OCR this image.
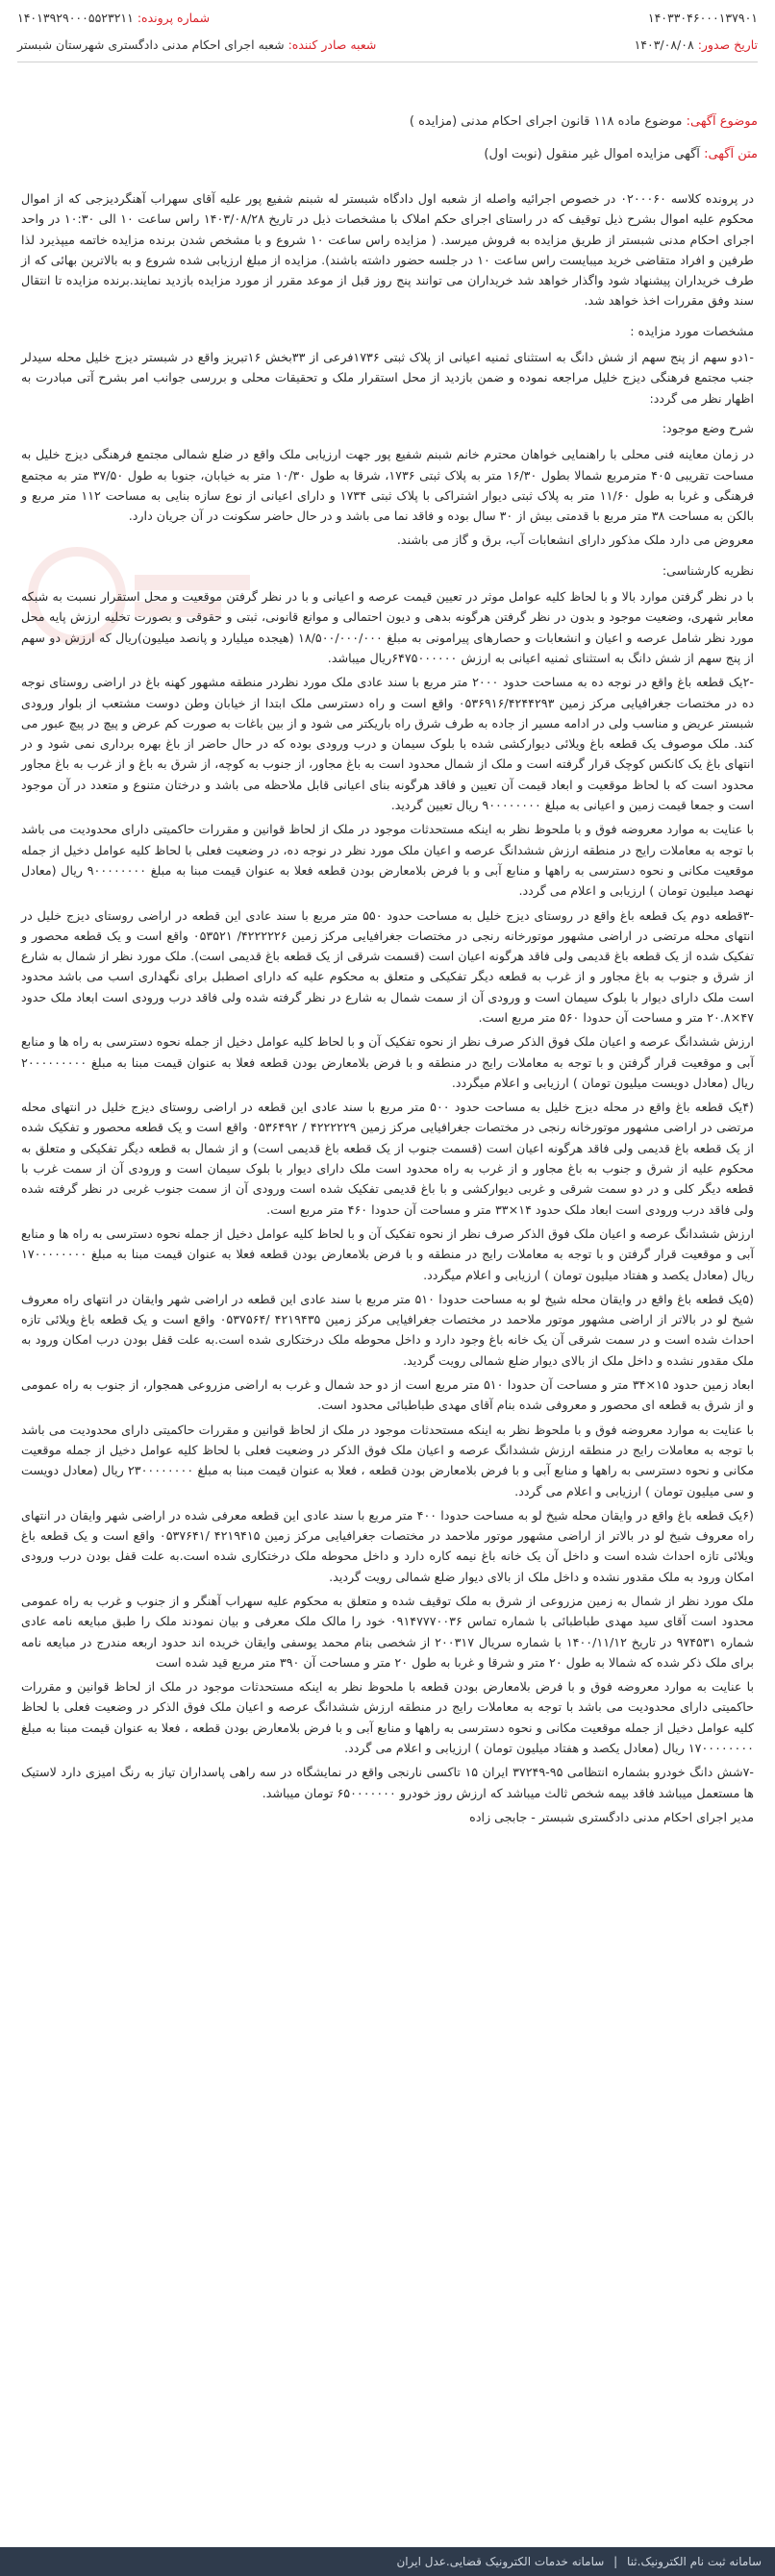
۱۴۰۳۳۰۴۶۰۰۰۱۳۷۹۰۱
شماره پرونده: ۱۴۰۱۳۹۲۹۰۰۰۵۵۲۳۲۱۱
تاریخ صدور: ۱۴۰۳/۰۸/۰۸
شعبه صادر کننده: شعبه اجرای احکام مدنی دادگستری شهرستان شبستر
موضوع آگهی: موضوع ماده ۱۱۸ قانون اجرای احکام مدنی (مزایده )
متن آگهی: آگهی مزایده اموال غیر منقول (نوبت اول)

در پرونده کلاسه ۰۲۰۰۰۶۰ در خصوص اجرائیه واصله از شعبه اول دادگاه شبستر له شبنم شفیع پور علیه آقای سهراب آهنگردیزجی که از اموال محکوم علیه اموال بشرح ذیل توقیف که در راستای اجرای حکم املاک با مشخصات ذیل در تاریخ ۱۴۰۳/۰۸/۲۸ راس ساعت ۱۰ الی ۱۰:۳۰ در واحد اجرای احکام مدنی شبستر از طریق مزایده به فروش میرسد. ( مزایده راس ساعت ۱۰ شروع و با مشخص شدن برنده مزایده خاتمه میپذیرد لذا طرفین و افراد متقاضی خرید میبایست راس ساعت ۱۰ در جلسه حضور داشته باشند). مزایده از مبلغ ارزیابی شده شروع و به بالاترین بهائی که از طرف خریداران پیشنهاد شود واگذار خواهد شد خریداران می توانند پنج روز قبل از موعد مقرر از مورد مزایده بازدید نمایند.برنده مزایده تا انتقال سند وفق مقررات اخذ خواهد شد.

مشخصات مورد مزایده :

-۱دو سهم از پنج سهم از شش دانگ به استثنای ثمنیه اعیانی از پلاک ثبتی ۱۷۳۶فرعی از ۳۳بخش ۱۶تبریز واقع در شبستر دیزج خلیل محله سیدلر جنب مجتمع فرهنگی دیزج خلیل مراجعه نموده و ضمن بازدید از محل استقرار ملک و تحقیقات محلی و بررسی جوانب امر بشرح آتی مبادرت به اظهار نظر می گردد:

شرح وضع موجود:

در زمان معاینه فنی محلی با راهنمایی خواهان محترم خانم شبنم شفیع پور جهت ارزیابی ملک واقع در ضلع شمالی مجتمع فرهنگی دیزج خلیل به مساحت تقریبی ۴۰۵ مترمربع شمالا بطول ۱۶/۳۰ متر به پلاک ثبتی ۱۷۳۶، شرقا به طول ۱۰/۳۰ متر به خیابان، جنوبا به طول ۳۷/۵۰ متر به مجتمع فرهنگی و غربا به طول ۱۱/۶۰ متر به پلاک ثبتی دیوار اشتراکی با پلاک ثبتی ۱۷۳۴ و دارای اعیانی از نوع سازه بنایی به مساحت ۱۱۲ متر مربع و بالکن به مساحت ۳۸ متر مربع با قدمتی بیش از ۳۰ سال بوده و فاقد نما می باشد و در حال حاضر سکونت در آن جریان دارد.

معروض می دارد ملک مذکور دارای انشعابات آب، برق و گاز می باشند.

نظریه کارشناسی:

با در نظر گرفتن موارد بالا و با لحاظ کلیه عوامل موثر در تعیین قیمت عرصه و اعیانی و با در نظر گرفتن موقعیت و محل استقرار نسبت به شبکه معابر شهری، وضعیت موجود و بدون در نظر گرفتن هرگونه بدهی و دیون احتمالی و موانع قانونی، ثبتی و حقوقی و بصورت تخلیه ارزش پایه محل مورد نظر شامل عرصه و اعیان و انشعابات و حصارهای پیرامونی به مبلغ ۱۸/۵۰۰/۰۰۰/۰۰۰ (هیجده میلیارد و پانصد میلیون)ریال که ارزش دو سهم از پنج سهم از شش دانگ به استثنای ثمنیه اعیانی به ارزش ۶۴۷۵۰۰۰۰۰۰ریال میباشد.

-۲یک قطعه باغ واقع در نوجه ده به مساحت حدود ۲۰۰۰ متر مربع با سند عادی ملک مورد نظردر منطقه مشهور کهنه باغ در اراضی روستای نوجه ده در مختصات جغرافیایی مرکز زمین ۰۵۳۶۹۱۶/۴۲۴۴۲۹۳ واقع است و راه دسترسی ملک ابتدا از خیابان وطن دوست مشتعب از بلوار ورودی شبستر عریض و مناسب ولی در ادامه مسیر از جاده به طرف شرق راه باریکتر می شود و از بین باغات به صورت کم عرض و پیچ در پیچ عبور می کند. ملک موصوف یک قطعه باغ ویلائی دیوارکشی شده با بلوک سیمان و درب ورودی بوده که در حال حاضر از باغ بهره برداری نمی شود و در انتهای باغ یک کانکس کوچک قرار گرفته است و ملک از شمال محدود است به باغ مجاور، از جنوب به کوچه، از شرق به باغ و از غرب به باغ مجاور محدود است که با لحاظ موقعیت و ابعاد قیمت آن تعیین و فاقد هرگونه بنای اعیانی قابل ملاحظه می باشد و درختان متنوع و متعدد در آن موجود است و جمعا قیمت زمین و اعیانی به مبلغ ۹۰۰۰۰۰۰۰۰ ریال تعیین گردید.

با عنایت به موارد معروضه فوق و با ملحوظ نظر به اینکه مستحدثات موجود در ملک از لحاظ قوانین و مقررات حاکمیتی دارای محدودیت می باشد با توجه به معاملات رایج در منطقه ارزش ششدانگ عرصه و اعیان ملک مورد نظر در نوجه ده، در وضعیت فعلی با لحاظ کلیه عوامل دخیل از جمله موقعیت مکانی و نحوه دسترسی به راهها و منابع آبی و با فرض بلامعارض بودن قطعه فعلا به عنوان قیمت مبنا به مبلغ ۹۰۰۰۰۰۰۰۰ ریال (معادل نهصد میلیون تومان ) ارزیابی و اعلام می گردد.

-۳قطعه دوم یک قطعه باغ واقع در روستای دیزج خلیل به مساحت حدود ۵۵۰ متر مربع با سند عادی این قطعه در اراضی روستای دیزج خلیل در انتهای محله مرتضی در اراضی مشهور موتورخانه رنجی در مختصات جغرافیایی مرکز زمین ۴۲۲۲۲۲۶/ ۰۵۳۵۲۱ واقع است و یک قطعه محصور و تفکیک شده از یک قطعه باغ قدیمی ولی فاقد هرگونه اعیان است (قسمت شرقی از یک قطعه باغ قدیمی است). ملک مورد نظر از شمال به شارع از شرق و جنوب به باغ مجاور و از غرب به قطعه دیگر تفکیکی و متعلق به محکوم علیه که دارای اصطبل برای نگهداری اسب می باشد محدود است ملک دارای دیوار با بلوک سیمان است و ورودی آن از سمت شمال به شارع در نظر گرفته شده ولی فاقد درب ورودی است ابعاد ملک حدود ۴۷×۲۰.۸ متر و مساحت آن حدودا ۵۶۰ متر مربع است.

ارزش ششدانگ عرصه و اعیان ملک فوق الذکر صرف نظر از نحوه تفکیک آن و با لحاظ کلیه عوامل دخیل از جمله نحوه دسترسی به راه ها و منابع آبی و موقعیت قرار گرفتن و با توجه به معاملات رایج در منطقه و با فرض بلامعارض بودن قطعه فعلا به عنوان قیمت مبنا به مبلغ ۲۰۰۰۰۰۰۰۰۰ ریال (معادل دویست میلیون تومان ) ارزیابی و اعلام میگردد.

(۴یک قطعه باغ واقع در محله دیزج خلیل به مساحت حدود ۵۰۰ متر مربع با سند عادی این قطعه در اراضی روستای دیزج خلیل در انتهای محله مرتضی در اراضی مشهور موتورخانه رنجی در مختصات جغرافیایی مرکز زمین ۴۲۲۲۲۲۹ / ۰۵۳۶۴۹۲ واقع است و یک قطعه محصور و تفکیک شده از یک قطعه باغ قدیمی ولی فاقد هرگونه اعیان است (قسمت جنوب از یک قطعه باغ قدیمی است) و از شمال به قطعه دیگر تفکیکی و متعلق به محکوم علیه از شرق و جنوب به باغ مجاور و از غرب به راه محدود است ملک دارای دیوار با بلوک سیمان است و ورودی آن از سمت غرب با قطعه دیگر کلی و در دو سمت شرقی و غربی دیوارکشی و با باغ قدیمی تفکیک شده است ورودی آن از سمت جنوب غربی در نظر گرفته شده ولی فاقد درب ورودی است ابعاد ملک حدود ۱۴×۳۳ متر و مساحت آن حدودا ۴۶۰ متر مربع است.

ارزش ششدانگ عرصه و اعیان ملک فوق الذکر صرف نظر از نحوه تفکیک آن و با لحاظ کلیه عوامل دخیل از جمله نحوه دسترسی به راه ها و منابع آبی و موقعیت قرار گرفتن و با توجه به معاملات رایج در منطقه و با فرض بلامعارض بودن قطعه فعلا به عنوان قیمت مبنا به مبلغ ۱۷۰۰۰۰۰۰۰۰ ریال (معادل یکصد و هفتاد میلیون تومان ) ارزیابی و اعلام میگردد.

(۵یک قطعه باغ واقع در وایقان محله شیخ لو به مساحت حدودا ۵۱۰ متر مربع با سند عادی این قطعه در اراضی شهر وایقان در انتهای راه معروف شیخ لو در بالاتر از اراضی مشهور موتور ملاحمد در مختصات جغرافیایی مرکز زمین ۴۲۱۹۴۳۵ /۰۵۳۷۵۶۴ واقع است و یک قطعه باغ ویلائی تازه احداث شده است و در سمت شرقی آن یک خانه باغ وجود دارد و داخل محوطه ملک درختکاری شده است.به علت قفل بودن درب امکان ورود به ملک مقدور نشده و داخل ملک از بالای دیوار ضلع شمالی رویت گردید.

ابعاد زمین حدود ۱۵×۳۴ متر و مساحت آن حدودا ۵۱۰ متر مربع است از دو حد شمال و غرب به اراضی مزروعی همجوار، از جنوب به راه عمومی و از شرق به قطعه ای محصور و معروفی شده بنام آقای مهدی طباطبائی محدود است.

با عنایت به موارد معروضه فوق و با ملحوظ نظر به اینکه مستحدثات موجود در ملک از لحاظ قوانین و مقررات حاکمیتی دارای محدودیت می باشد با توجه به معاملات رایج در منطقه ارزش ششدانگ عرصه و اعیان ملک فوق الذکر در وضعیت فعلی با لحاظ کلیه عوامل دخیل از جمله موقعیت مکانی و نحوه دسترسی به راهها و منابع آبی و با فرض بلامعارض بودن قطعه ، فعلا به عنوان قیمت مبنا به مبلغ ۲۳۰۰۰۰۰۰۰۰ ریال (معادل دویست و سی میلیون تومان ) ارزیابی و اعلام می گردد.

(۶یک قطعه باغ واقع در وایقان محله شیخ لو به مساحت حدودا ۴۰۰ متر مربع با سند عادی این قطعه معرفی شده در اراضی شهر وایقان در انتهای راه معروف شیخ لو در بالاتر از اراضی مشهور موتور ملاحمد در مختصات جغرافیایی مرکز زمین ۴۲۱۹۴۱۵ /۰۵۳۷۶۴۱ واقع است و یک قطعه باغ ویلائی تازه احداث شده است و داخل آن یک خانه باغ نیمه کاره دارد و داخل محوطه ملک درختکاری شده است.به علت قفل بودن درب ورودی امکان ورود به ملک مقدور نشده و داخل ملک از بالای دیوار ضلع شمالی رویت گردید.

ملک مورد نظر از شمال به زمین مزروعی از شرق به ملک توقیف شده و متعلق به محکوم علیه سهراب آهنگر و از جنوب و غرب به راه عمومی محدود است آقای سید مهدی طباطبائی با شماره تماس ۰۹۱۴۷۷۷۰۰۳۶ خود را مالک ملک معرفی و بیان نمودند ملک را طبق مبایعه نامه عادی شماره ۹۷۴۵۳۱ در تاریخ ۱۴۰۰/۱۱/۱۲ با شماره سریال ۲۰۰۳۱۷ از شخصی بنام محمد یوسفی وایقان خریده اند حدود اربعه مندرج در مبایعه نامه برای ملک ذکر شده که شمالا به طول ۲۰ متر و شرقا و غربا به طول ۲۰ متر و مساحت آن ۳۹۰ متر مربع قید شده است

با عنایت به موارد معروضه فوق و با فرض بلامعارض بودن قطعه با ملحوظ نظر به اینکه مستحدثات موجود در ملک از لحاظ قوانین و مقررات حاکمیتی دارای محدودیت می باشد با توجه به معاملات رایج در منطقه ارزش ششدانگ عرصه و اعیان ملک فوق الذکر در وضعیت فعلی با لحاظ کلیه عوامل دخیل از جمله موقعیت مکانی و نحوه دسترسی به راهها و منابع آبی و با فرض بلامعارض بودن قطعه ، فعلا به عنوان قیمت مبنا به مبلغ ۱۷۰۰۰۰۰۰۰۰ ریال (معادل یکصد و هفتاد میلیون تومان ) ارزیابی و اعلام می گردد.

-۷شش دانگ خودرو بشماره انتظامی ۹۵-۳۷۲۴۹ ایران ۱۵ تاکسی نارنجی واقع در نمایشگاه در سه راهی پاسداران تیاز به رنگ امیزی دارد لاستیک ها مستعمل میباشد فاقد بیمه شخص ثالث میباشد که ارزش روز خودرو ۶۵۰۰۰۰۰۰۰ تومان میباشد.

مدیر اجرای احکام مدنی دادگستری شبستر - جابجی زاده

سامانه ثبت نام الکترونیک.ثنا | سامانه خدمات الکترونیک قضایی.عدل ایران
